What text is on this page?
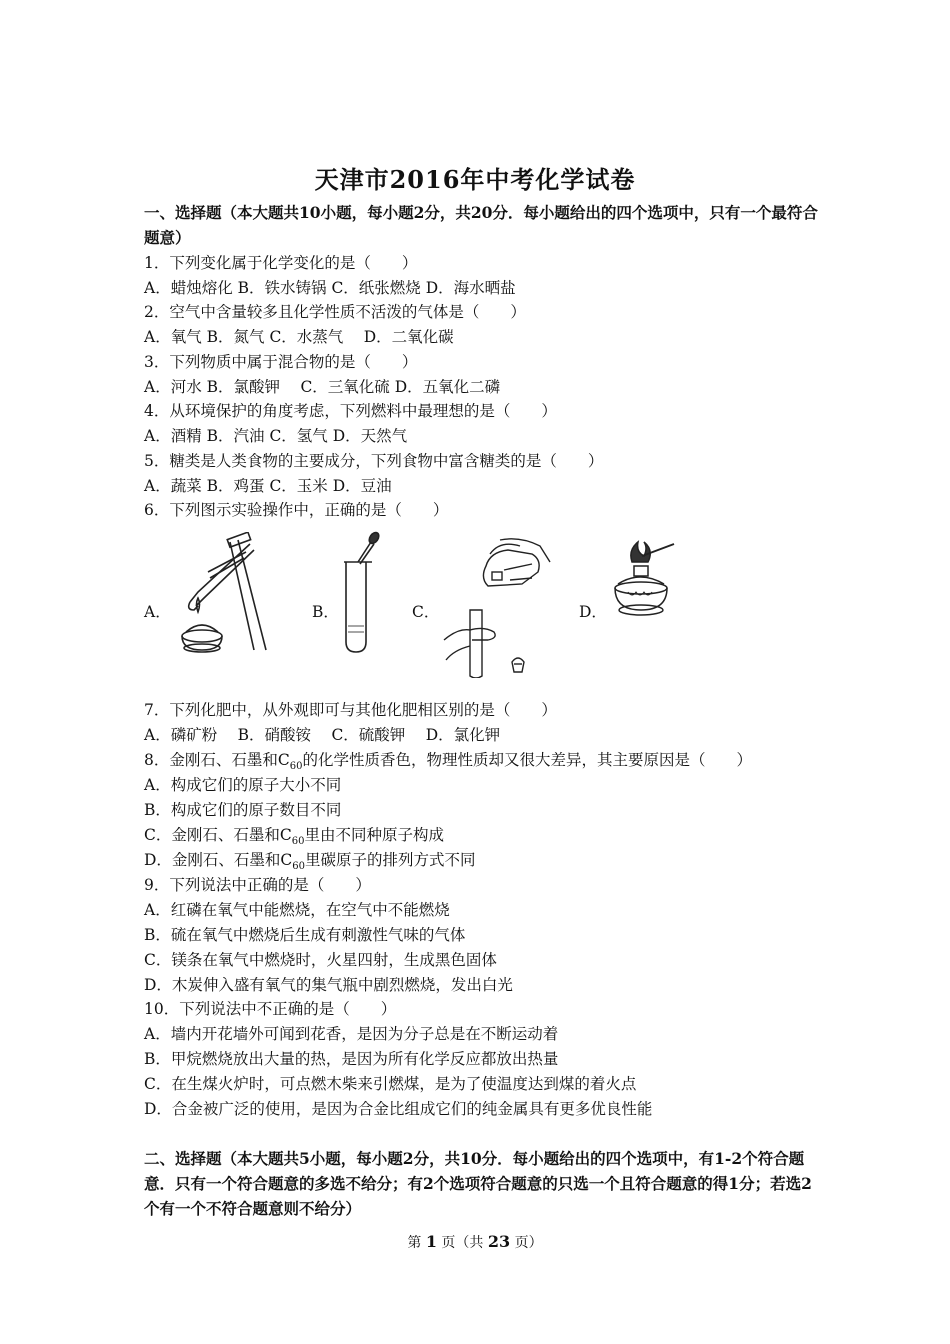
天津市2016年中考化学试卷
一、选择题（本大题共10小题，每小题2分，共20分．每小题给出的四个选项中，只有一个最符合题意）
1．下列变化属于化学变化的是（　　）
A．蜡烛熔化 B．铁水铸锅 C．纸张燃烧 D．海水晒盐
2．空气中含量较多且化学性质不活泼的气体是（　　）
A．氧气 B．氮气 C．水蒸气　 D．二氧化碳
3．下列物质中属于混合物的是（　　）
A．河水 B．氯酸钾　 C．三氧化硫 D．五氧化二磷
4．从环境保护的角度考虑，下列燃料中最理想的是（　　）
A．酒精 B．汽油 C．氢气 D．天然气
5．糖类是人类食物的主要成分，下列食物中富含糖类的是（　　）
A．蔬菜 B．鸡蛋 C．玉米 D．豆油
6．下列图示实验操作中，正确的是（　　）
A．	B．	C．	D．
7．下列化肥中，从外观即可与其他化肥相区别的是（　　）
A．磷矿粉　 B．硝酸铵　 C．硫酸钾　 D．氯化钾
8．金刚石、石墨和$C_{60}$的化学性质香色，物理性质却又很大差异，其主要原因是（　　）
A．构成它们的原子大小不同
B．构成它们的原子数目不同
C．金刚石、石墨和$C_{60}$里由不同种原子构成
D．金刚石、石墨和$C_{60}$里碳原子的排列方式不同
9．下列说法中正确的是（　　）
A．红磷在氧气中能燃烧，在空气中不能燃烧
B．硫在氧气中燃烧后生成有刺激性气味的气体
C．镁条在氧气中燃烧时，火星四射，生成黑色固体
D．木炭伸入盛有氧气的集气瓶中剧烈燃烧，发出白光
10．下列说法中不正确的是（　　）
A．墙内开花墙外可闻到花香，是因为分子总是在不断运动着
B．甲烷燃烧放出大量的热，是因为所有化学反应都放出热量
C．在生煤火炉时，可点燃木柴来引燃煤，是为了使温度达到煤的着火点
D．合金被广泛的使用，是因为合金比组成它们的纯金属具有更多优良性能
二、选择题（本大题共5小题，每小题2分，共10分．每小题给出的四个选项中，有1-2个符合题意．只有一个符合题意的多选不给分；有2个选项符合题意的只选一个且符合题意的得1分；若选2个有一个不符合题意则不给分）
第 1 页（共 23 页）
